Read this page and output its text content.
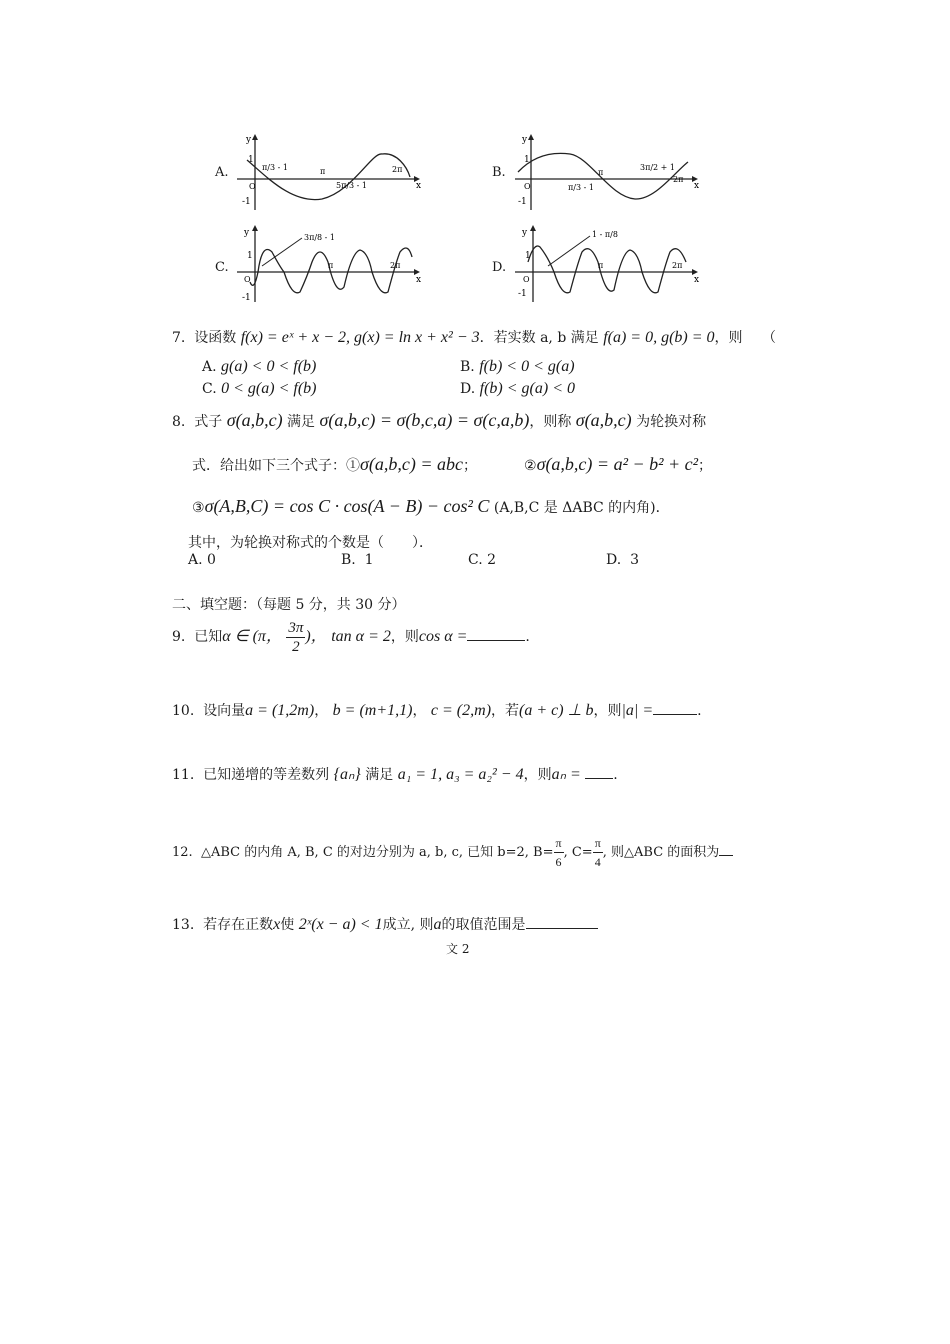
A.
y
x
1
-1
O
π/3 - 1	π
5π/3 - 1
2π	B.
y
x
1
-1
O	π/3 - 1
π
3π/2 + 1
2π
C.
y
x
1
-1
O
3π/8 - 1
π	2π	D.
y
x
1
-1
O
1 - π/8
π	2π
7. 设函数 f(x) = eˣ + x − 2, g(x) = ln x + x² − 3．若实数 a, b 满足 f(a) = 0, g(b) = 0，则 （
A. g(a) < 0 < f(b)	B. f(b) < 0 < g(a)
C. 0 < g(a) < f(b)	D. f(b) < g(a) < 0
8. 式子 σ(a,b,c) 满足 σ(a,b,c) = σ(b,c,a) = σ(c,a,b)，则称 σ(a,b,c) 为轮换对称
式．给出如下三个式子：①σ(a,b,c) = abc；	②σ(a,b,c) = a² − b² + c²；
③σ(A,B,C) = cos C · cos(A − B) − cos² C (A,B,C 是 ΔABC 的内角)．
其中，为轮换对称式的个数是（　　）．
A. 0	B. 1	C. 2	D. 3
二、填空题：（每题 5 分，共 30 分）
9. 已知α ∈ (π， $\frac{3\pi}{2}$ )， tan α = 2，则cos α =	.
10. 设向量a = (1,2m)， b = (m+1,1)， c = (2,m)，若(a + c) ⊥ b，则|a| =	.
11. 已知递增的等差数列 {aₙ} 满足 a₁ = 1, a₃ = a₂² − 4，则aₙ = .
12. △ABC 的内角 A, B, C 的对边分别为 a, b, c, 已知 b=2, $B= \frac{\pi}{6}$ , $C= \frac{\pi}{4}$ , 则△ABC 的面积为
13. 若存在正数x使 2ˣ(x − a) < 1成立, 则a的取值范围是
文 2
